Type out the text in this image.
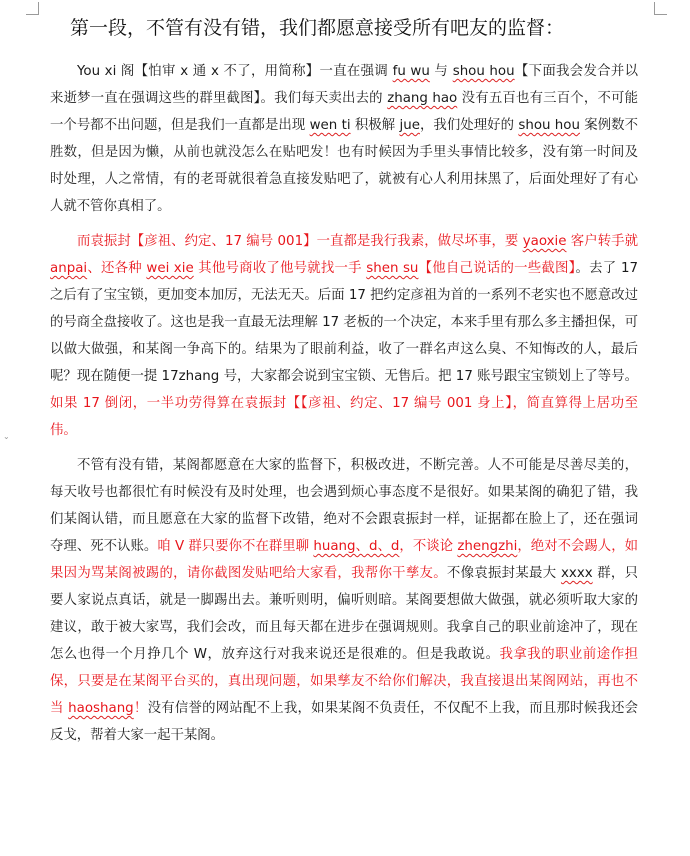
⌄
第一段，不管有没有错，我们都愿意接受所有吧友的监督：

You xi 阁【怕审 x 通 x 不了，用简称】一直在强调 fu wu 与 shou hou【下面我会发合并以来逝梦一直在强调这些的群里截图】。我们每天卖出去的 zhang hao 没有五百也有三百个，不可能一个号都不出问题，但是我们一直都是出现 wen ti 积极解 jue，我们处理好的 shou hou 案例数不胜数，但是因为懒，从前也就没怎么在贴吧发！也有时候因为手里头事情比较多，没有第一时间及时处理，人之常情，有的老哥就很着急直接发贴吧了，就被有心人利用抹黑了，后面处理好了有心人就不管你真相了。

而袁振封【彦祖、约定、17 编号 001】一直都是我行我素，做尽坏事，要 yaoxie 客户转手就 anpai、还各种 wei xie 其他号商收了他号就找一手 shen su【他自己说话的一些截图】。去了 17 之后有了宝宝锁，更加变本加厉，无法无天。后面 17 把约定彦祖为首的一系列不老实也不愿意改过的号商全盘接收了。这也是我一直最无法理解 17 老板的一个决定，本来手里有那么多主播担保，可以做大做强，和某阁一争高下的。结果为了眼前利益，收了一群名声这么臭、不知悔改的人，最后呢？现在随便一提 17zhang 号，大家都会说到宝宝锁、无售后。把 17 账号跟宝宝锁划上了等号。如果 17 倒闭，一半功劳得算在袁振封【【彦祖、约定、17 编号 001 身上】，简直算得上居功至伟。

不管有没有错，某阁都愿意在大家的监督下，积极改进，不断完善。人不可能是尽善尽美的，每天收号也都很忙有时候没有及时处理，也会遇到烦心事态度不是很好。如果某阁的确犯了错，我们某阁认错，而且愿意在大家的监督下改错，绝对不会跟袁振封一样，证据都在脸上了，还在强词夺理、死不认账。咱 V 群只要你不在群里聊 huang、d、d，不谈论 zhengzhi，绝对不会踢人，如果因为骂某阁被踢的，请你截图发贴吧给大家看，我帮你干孳友。不像袁振封某最大 xxxx 群，只要人家说点真话，就是一脚踢出去。兼听则明，偏听则暗。某阁要想做大做强，就必须听取大家的建议，敢于被大家骂，我们会改，而且每天都在进步在强调规则。我拿自己的职业前途冲了，现在怎么也得一个月挣几个 W，放弃这行对我来说还是很难的。但是我敢说。我拿我的职业前途作担保，只要是在某阁平台买的，真出现问题，如果孳友不给你们解决，我直接退出某阁网站，再也不当 haoshang！没有信誉的网站配不上我，如果某阁不负责任，不仅配不上我，而且那时候我还会反戈，帮着大家一起干某阁。
